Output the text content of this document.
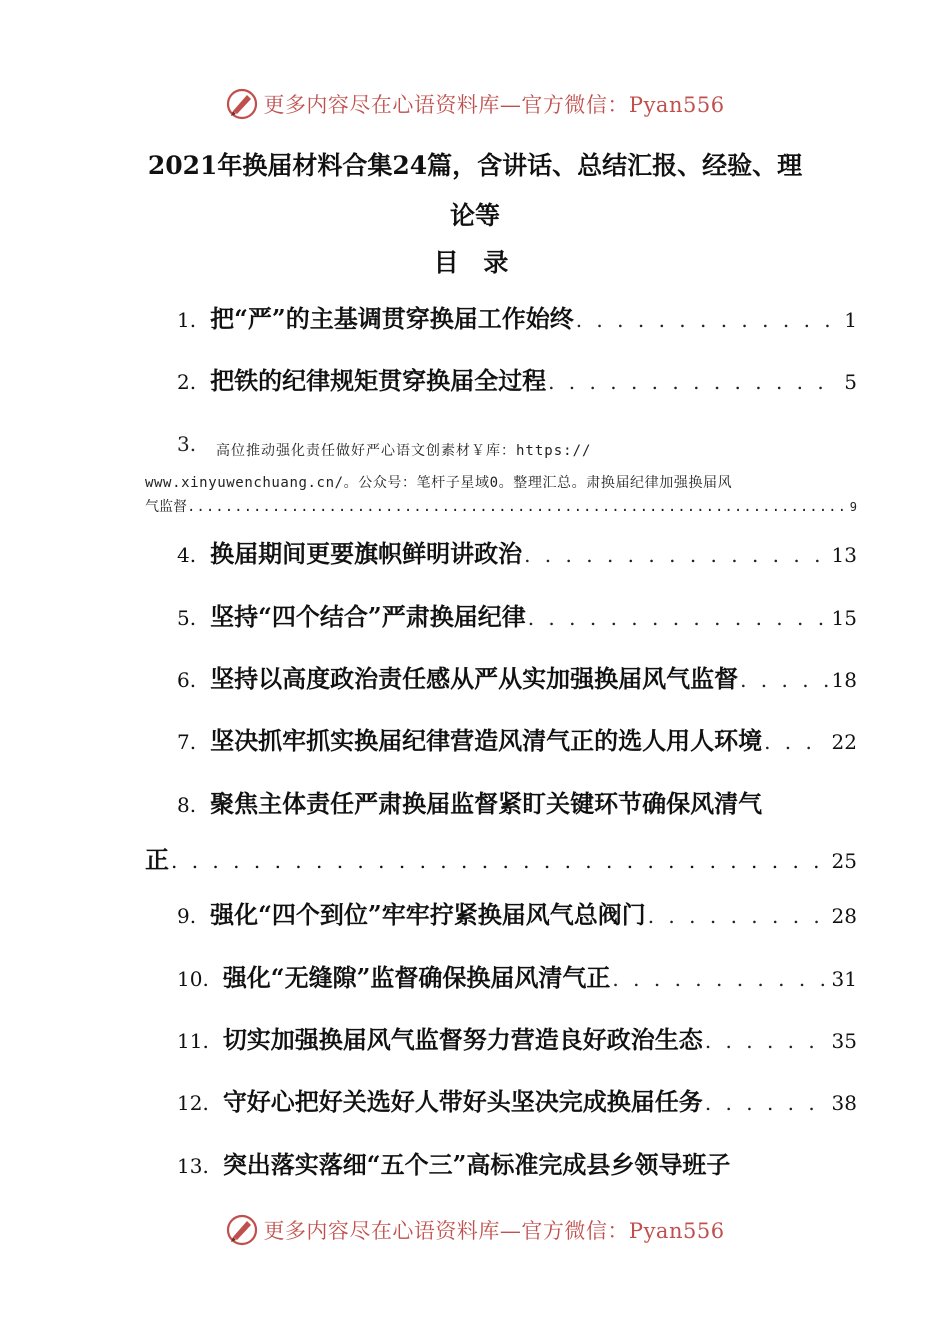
更多内容尽在心语资料库—官方微信：Pyan556
2021年换届材料合集24篇，含讲话、总结汇报、经验、理
论等
目 录
1. 把“严”的主基调贯穿换届工作始终 . . .	1
2. 把铁的纪律规矩贯穿换届全过程 . . .	5
3. 高位推动强化责任做好严心语文创素材￥库：https://
www.xinyuwenchuang.cn/。公众号：笔杆子星域0。整理汇总。肃换届纪律加强换届风
气监督 .....	9
4. 换届期间更要旗帜鲜明讲政治 . . .	13
5. 坚持“四个结合”严肃换届纪律 . . .	15
6. 坚持以高度政治责任感从严从实加强换届风气监督 . . .	18
7. 坚决抓牢抓实换届纪律营造风清气正的选人用人环境 . . .	22
8. 聚焦主体责任严肃换届监督紧盯关键环节确保风清气
正 . . .	25
9. 强化“四个到位”牢牢拧紧换届风气总阀门 . . .	28
10. 强化“无缝隙”监督确保换届风清气正 . . .	31
11. 切实加强换届风气监督努力营造良好政治生态 . . .	35
12. 守好心把好关选好人带好头坚决完成换届任务 . . .	38
13. 突出落实落细“五个三”高标准完成县乡领导班子
更多内容尽在心语资料库—官方微信：Pyan556
